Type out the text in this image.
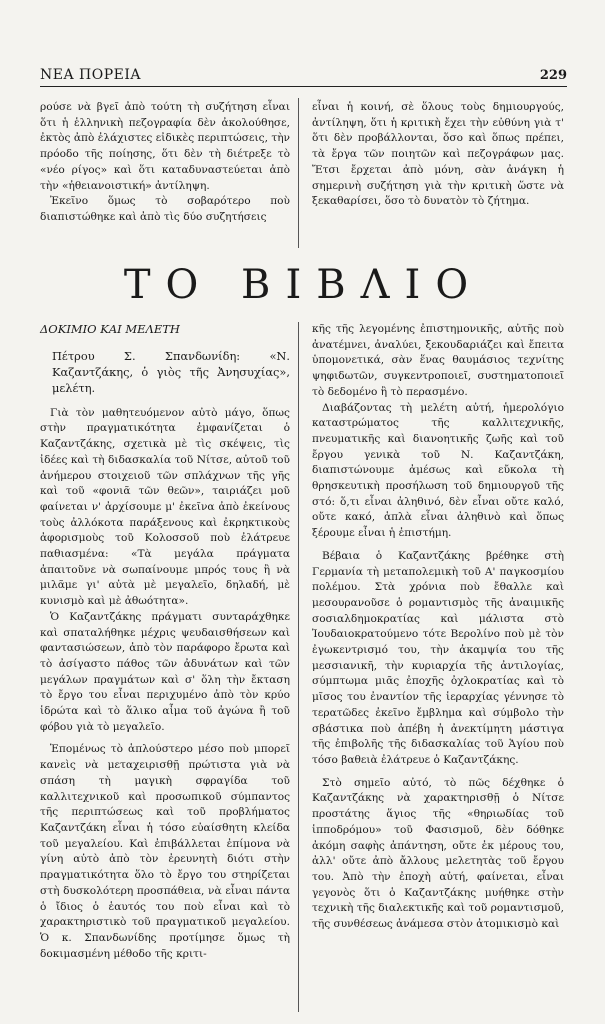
ΝΕΑ ΠΟΡΕΙΑ	229

ρούσε νὰ βγεῖ ἀπὸ τούτη τὴ συζήτηση εἶναι ὅτι ἡ ἑλληνικὴ πεζογραφία δὲν ἀκολούθησε, ἐκτὸς ἀπὸ ἐλάχιστες εἰδικὲς περιπτώσεις, τὴν πρόοδο τῆς ποίησης, ὅτι δὲν τὴ διέτρεξε τὸ «νέο ρίγος» καὶ ὅτι καταδυναστεύεται ἀπὸ τὴν «ἠθειανοιστική» ἀντίληψη.

Ἐκεῖνο ὅμως τὸ σοβαρότερο ποὺ διαπιστώθηκε καὶ ἀπὸ τὶς δύο συζητήσεις

εἶναι ἡ κοινή, σὲ ὅλους τοὺς δημιουργούς, ἀντίληψη, ὅτι ἡ κριτικὴ ἔχει τὴν εὐθύνη γιὰ τ' ὅτι δὲν προβάλλονται, ὅσο καὶ ὅπως πρέπει, τὰ ἔργα τῶν ποιητῶν καὶ πεζογράφων μας. Ἔτσι ἔρχεται ἀπὸ μόνη, σὰν ἀνάγκη ἡ σημερινὴ συζήτηση γιὰ τὴν κριτικὴ ὥστε νὰ ξεκαθαρίσει, ὅσο τὸ δυνατὸν τὸ ζήτημα.

ΤΟ ΒΙΒΛΙΟ

ΔΟΚΙΜΙΟ ΚΑΙ ΜΕΛΕΤΗ

Πέτρου Σ. Σπανδωνίδη: «Ν. Καζαντζάκης, ὁ γιὸς τῆς Ἀνησυχίας», μελέτη.

Γιὰ τὸν μαθητευόμενον αὐτὸ μάγο, ὅπως στὴν πραγματικότητα ἐμφανίζεται ὁ Καζαντζάκης, σχετικὰ μὲ τὶς σκέψεις, τὶς ἰδέες καὶ τὴ διδασκαλία τοῦ Νίτσε, αὐτοῦ τοῦ ἀνήμερου στοιχειοῦ τῶν σπλάχνων τῆς γῆς καὶ τοῦ «φονιᾶ τῶν θεῶν», ταιριάζει μοῦ φαίνεται ν' ἀρχίσουμε μ' ἐκεῖνα ἀπὸ ἐκείνους τοὺς ἀλλόκοτα παράξενους καὶ ἐκρηκτικοὺς ἀφορισμοὺς τοῦ Κολοσσοῦ ποὺ ἐλάτρευε παθιασμένα: «Τὰ μεγάλα πράγματα ἀπαιτοῦνε νὰ σωπαίνουμε μπρός τους ἢ νὰ μιλᾶμε γι' αὐτὰ μὲ μεγαλεῖο, δηλαδή, μὲ κυνισμὸ καὶ μὲ ἀθωότητα».

Ὁ Καζαντζάκης πράγματι συνταράχθηκε καὶ σπαταλήθηκε μέχρις ψευδαισθήσεων καὶ φαντασιώσεων, ἀπὸ τὸν παράφορο ἔρωτα καὶ τὸ ἀσίγαστο πάθος τῶν ἀδυνάτων καὶ τῶν μεγάλων πραγμάτων καὶ σ' ὅλη τὴν ἔκταση τὸ ἔργο του εἶναι περιχυμένο ἀπὸ τὸν κρύο ἱδρώτα καὶ τὸ ἅλικο αἷμα τοῦ ἀγώνα ἢ τοῦ φόβου γιὰ τὸ μεγαλεῖο.

Ἑπομένως τὸ ἁπλούστερο μέσο ποὺ μπορεῖ κανεὶς νὰ μεταχειρισθῇ πρώτιστα γιὰ νὰ σπάση τὴ μαγικὴ σφραγίδα τοῦ καλλιτεχνικοῦ καὶ προσωπικοῦ σύμπαντος τῆς περιπτώσεως καὶ τοῦ προβλήματος Καζαντζάκη εἶναι ἡ τόσο εὐαίσθητη κλείδα τοῦ μεγαλείου. Καὶ ἐπιβάλλεται ἐπίμονα νὰ γίνη αὐτὸ ἀπὸ τὸν ἐρευνητὴ διότι στὴν πραγματικότητα ὅλο τὸ ἔργο του στηρίζεται στὴ δυσκολότερη προσπάθεια, νὰ εἶναι πάντα ὁ ἴδιος ὁ ἑαυτός του ποὺ εἶναι καὶ τὸ χαρακτηριστικὸ τοῦ πραγματικοῦ μεγαλείου. Ὁ κ. Σπανδωνίδης προτίμησε ὅμως τὴ δοκιμασμένη μέθοδο τῆς κριτι-

κῆς τῆς λεγομένης ἐπιστημονικῆς, αὐτῆς ποὺ ἀνατέμνει, ἀναλύει, ξεκουδαριάζει καὶ ἔπειτα ὑπομονετικά, σὰν ἕνας θαυμάσιος τεχνίτης ψηφιδωτῶν, συγκεντροποιεῖ, συστηματοποιεῖ τὸ δεδομένο ἢ τὸ περασμένο.

Διαβάζοντας τὴ μελέτη αὐτή, ἡμερολόγιο καταστρώματος τῆς καλλιτεχνικῆς, πνευματικῆς καὶ διανοητικῆς ζωῆς καὶ τοῦ ἔργου γενικὰ τοῦ Ν. Καζαντζάκη, διαπιστώνουμε ἀμέσως καὶ εὔκολα τὴ θρησκευτικὴ προσήλωση τοῦ δημιουργοῦ τῆς στό: ὅ,τι εἶναι ἀληθινό, δὲν εἶναι οὔτε καλό, οὔτε κακό, ἁπλὰ εἶναι ἀληθινὸ καὶ ὅπως ξέρουμε εἶναι ἡ ἐπιστήμη.

Βέβαια ὁ Καζαντζάκης βρέθηκε στὴ Γερμανία τὴ μεταπολεμικὴ τοῦ Α' παγκοσμίου πολέμου. Στὰ χρόνια ποὺ ἔθαλλε καὶ μεσουρανοῦσε ὁ ρομαντισμὸς τῆς ἀναιμικῆς σοσιαλδημοκρατίας καὶ μάλιστα στὸ Ἰουδαιοκρατούμενο τότε Βερολίνο ποὺ μὲ τὸν ἐγωκεντρισμό του, τὴν ἀκαμψία του τῆς μεσσιανικῆ, τὴν κυριαρχία τῆς ἀντιλογίας, σύμπτωμα μιᾶς ἐποχῆς ὀχλοκρατίας καὶ τὸ μῖσος του ἐναντίον τῆς ἱεραρχίας γέννησε τὸ τερατῶδες ἐκεῖνο ἔμβλημα καὶ σύμβολο τὴν σβάστικα ποὺ ἀπέβη ἡ ἀνεκτίμητη μάστιγα τῆς ἐπιβολῆς τῆς διδασκαλίας τοῦ Ἁγίου ποὺ τόσο βαθειὰ ἐλάτρευε ὁ Καζαντζάκης.

Στὸ σημεῖο αὐτό, τὸ πῶς δέχθηκε ὁ Καζαντζάκης νὰ χαρακτηρισθῇ ὁ Νίτσε προστάτης ἅγιος τῆς «θηριωδίας τοῦ ἱπποδρόμου» τοῦ Φασισμοῦ, δὲν δόθηκε ἀκόμη σαφὴς ἀπάντηση, οὔτε ἐκ μέρους του, ἀλλ' οὔτε ἀπὸ ἄλλους μελετητὰς τοῦ ἔργου του. Ἀπὸ τὴν ἐποχὴ αὐτή, φαίνεται, εἶναι γεγονὸς ὅτι ὁ Καζαντζάκης μυήθηκε στὴν τεχνικὴ τῆς διαλεκτικῆς καὶ τοῦ ρομαντισμοῦ, τῆς συνθέσεως ἀνάμεσα στὸν ἀτομικισμὸ καὶ
